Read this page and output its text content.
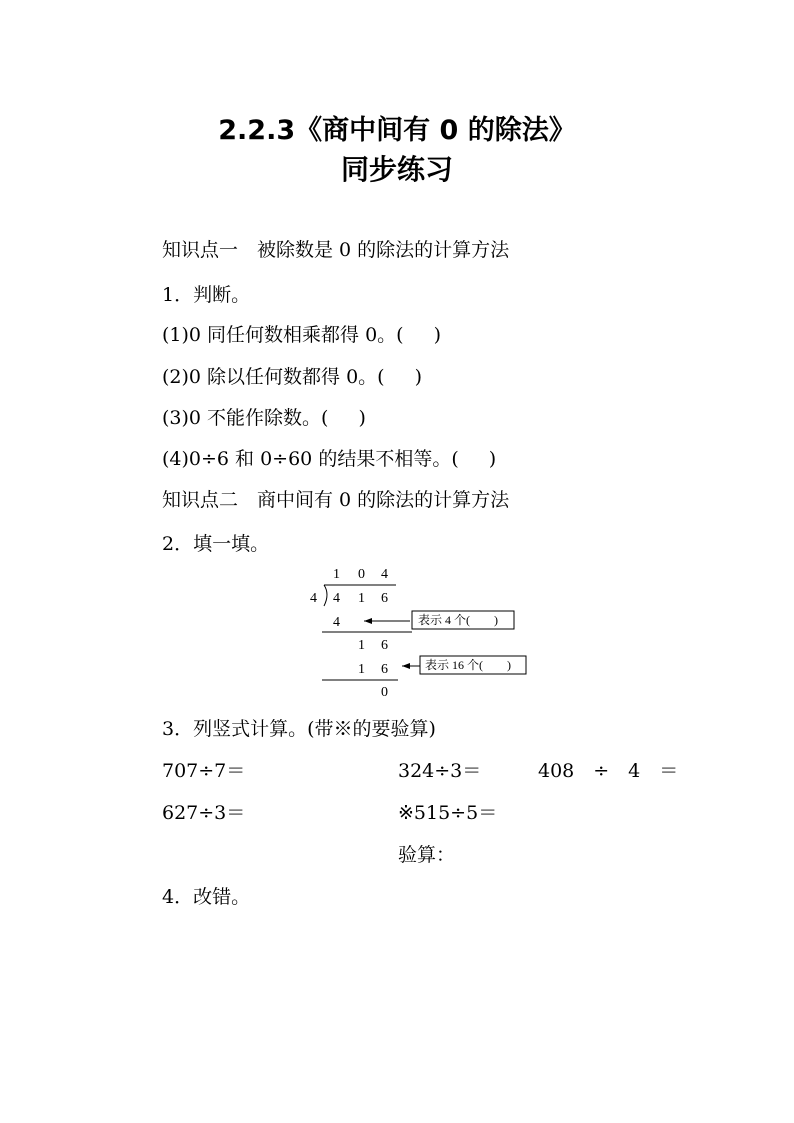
2.2.3《商中间有 0 的除法》
同步练习
知识点一　被除数是 0 的除法的计算方法
1．判断。
(1)0 同任何数相乘都得 0。( )
(2)0 除以任何数都得 0。( )
(3)0 不能作除数。( )
(4)0÷6 和 0÷60 的结果不相等。( )
知识点二　商中间有 0 的除法的计算方法
2．填一填。
1 0 4
4 4 1 6
4	表示 4 个(　　)
1 6
1 6	表示 16 个(　　)
0
3．列竖式计算。(带※的要验算)
707÷7＝	324÷3＝	408　÷　4　＝
627÷3＝	※515÷5＝
验算：
4．改错。
